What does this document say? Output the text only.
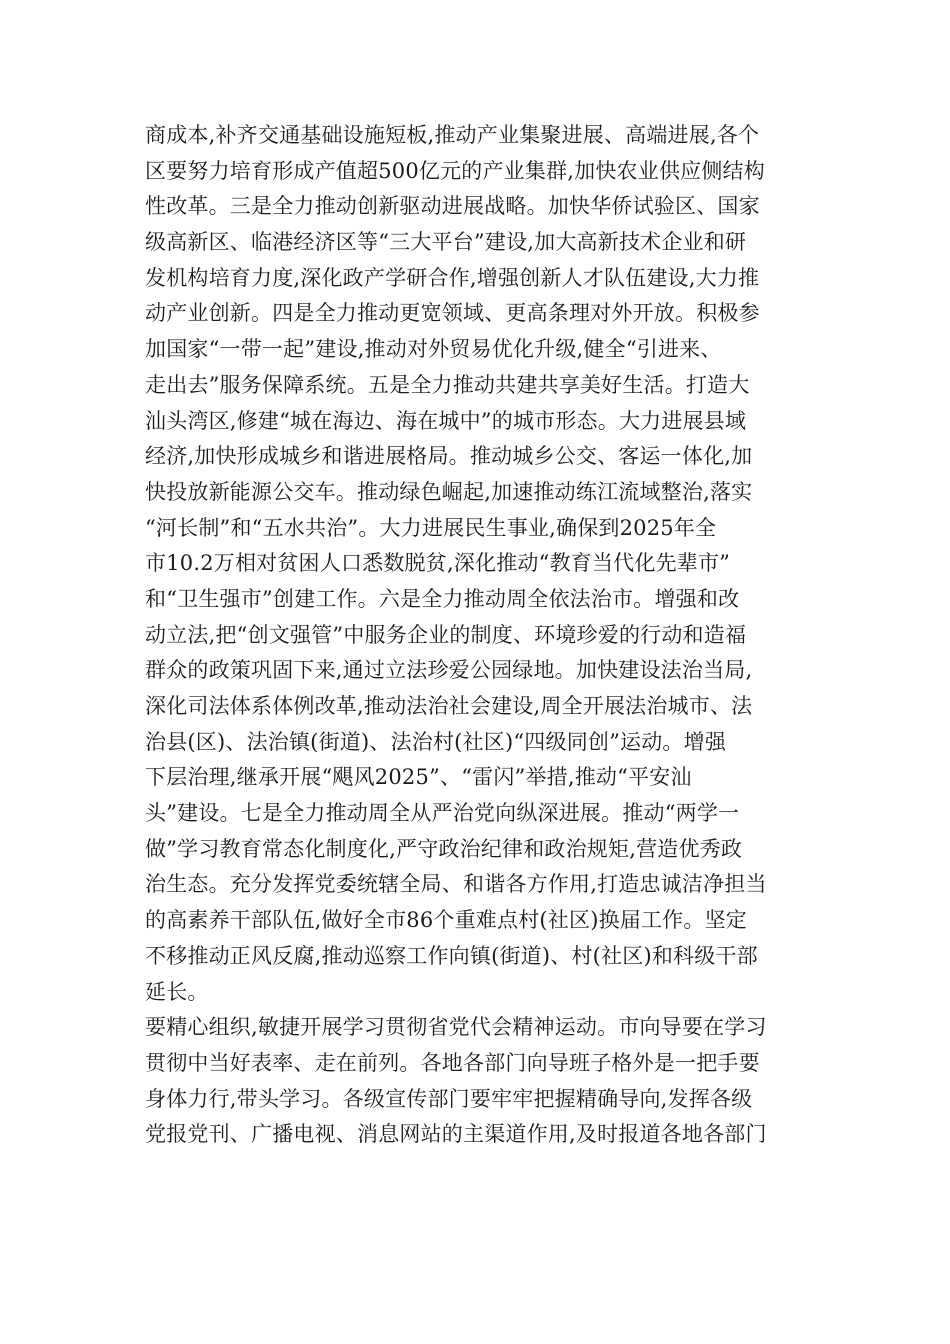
商成本,补齐交通基础设施短板,推动产业集聚进展、高端进展,各个
区要努力培育形成产值超500亿元的产业集群,加快农业供应侧结构
性改革。三是全力推动创新驱动进展战略。加快华侨试验区、国家
级高新区、临港经济区等“三大平台”建设,加大高新技术企业和研
发机构培育力度,深化政产学研合作,增强创新人才队伍建设,大力推
动产业创新。四是全力推动更宽领域、更高条理对外开放。积极参
加国家“一带一起”建设,推动对外贸易优化升级,健全“引进来、
走出去”服务保障系统。五是全力推动共建共享美好生活。打造大
汕头湾区,修建“城在海边、海在城中”的城市形态。大力进展县域
经济,加快形成城乡和谐进展格局。推动城乡公交、客运一体化,加
快投放新能源公交车。推动绿色崛起,加速推动练江流域整治,落实
“河长制”和“五水共治”。大力进展民生事业,确保到2025年全
市10.2万相对贫困人口悉数脱贫,深化推动“教育当代化先辈市”
和“卫生强市”创建工作。六是全力推动周全依法治市。增强和改
动立法,把“创文强管”中服务企业的制度、环境珍爱的行动和造福
群众的政策巩固下来,通过立法珍爱公园绿地。加快建设法治当局,
深化司法体系体例改革,推动法治社会建设,周全开展法治城市、法
治县(区)、法治镇(街道)、法治村(社区)“四级同创”运动。增强
下层治理,继承开展“飓风2025”、“雷闪”举措,推动“平安汕
头”建设。七是全力推动周全从严治党向纵深进展。推动“两学一
做”学习教育常态化制度化,严守政治纪律和政治规矩,营造优秀政
治生态。充分发挥党委统辖全局、和谐各方作用,打造忠诚洁净担当
的高素养干部队伍,做好全市86个重难点村(社区)换届工作。坚定
不移推动正风反腐,推动巡察工作向镇(街道)、村(社区)和科级干部
延长。
要精心组织,敏捷开展学习贯彻省党代会精神运动。市向导要在学习
贯彻中当好表率、走在前列。各地各部门向导班子格外是一把手要
身体力行,带头学习。各级宣传部门要牢牢把握精确导向,发挥各级
党报党刊、广播电视、消息网站的主渠道作用,及时报道各地各部门
